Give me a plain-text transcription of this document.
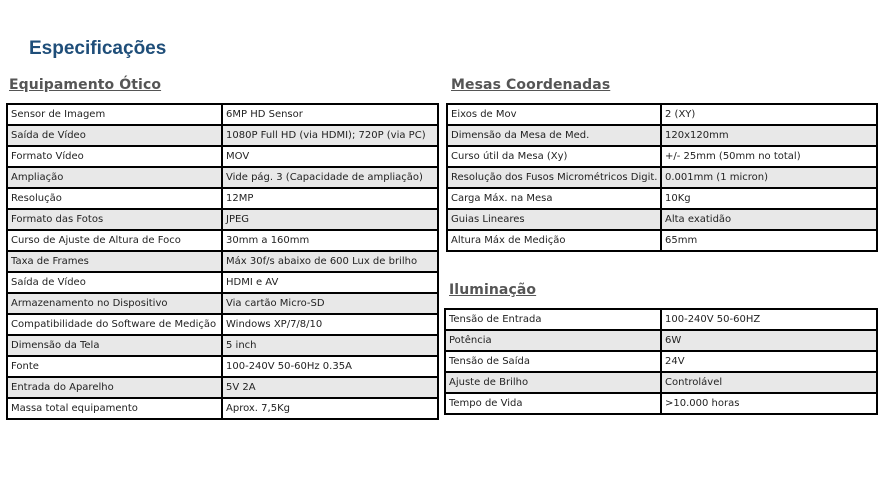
Especificações
Equipamento Ótico
Sensor de Imagem	6MP HD Sensor
Saída de Vídeo	1080P Full HD (via HDMI); 720P (via PC)
Formato Vídeo	MOV
Ampliação	Vide pág. 3 (Capacidade de ampliação)
Resolução	12MP
Formato das Fotos	JPEG
Curso de Ajuste de Altura de Foco	30mm a 160mm
Taxa de Frames	Máx 30f/s abaixo de 600 Lux de brilho
Saída de Vídeo	HDMI e AV
Armazenamento no Dispositivo	Via cartão Micro-SD
Compatibilidade do Software de Medição	Windows XP/7/8/10
Dimensão da Tela	5 inch
Fonte	100-240V 50-60Hz 0.35A
Entrada do Aparelho	5V 2A
Massa total equipamento	Aprox. 7,5Kg
Mesas Coordenadas
Eixos de Mov	2 (XY)
Dimensão da Mesa de Med.	120x120mm
Curso útil da Mesa (Xy)	+/- 25mm (50mm no total)
Resolução dos Fusos Micrométricos Digit.	0.001mm (1 micron)
Carga Máx. na Mesa	10Kg
Guias Lineares	Alta exatidão
Altura Máx de Medição	65mm
Iluminação
Tensão de Entrada	100-240V 50-60HZ
Potência	6W
Tensão de Saída	24V
Ajuste de Brilho	Controlável
Tempo de Vida	>10.000 horas
